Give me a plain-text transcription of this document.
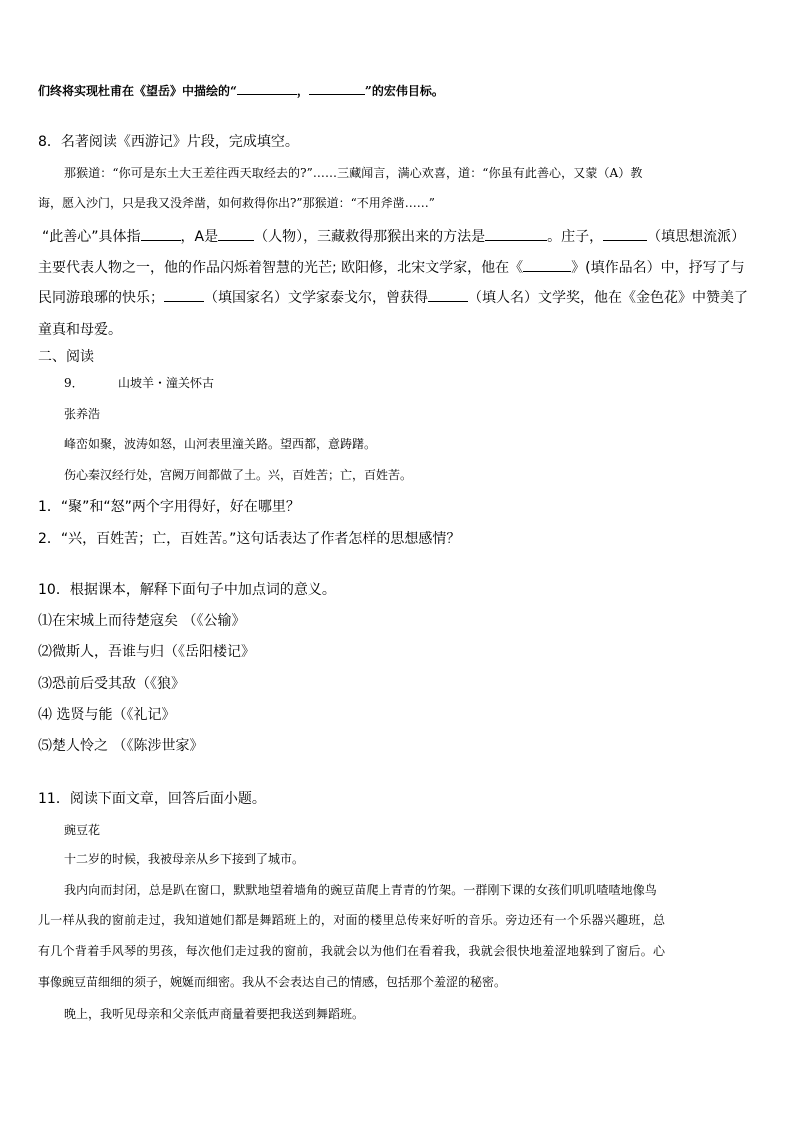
们终将实现杜甫在《望岳》中描绘的“	，	”的宏伟目标。
8．名著阅读《西游记》片段，完成填空。
那猴道：“你可是东土大王差往西天取经去的?”……三藏闻言，满心欢喜，道：“你虽有此善心，又蒙（A）教
诲，愿入沙门，只是我又没斧凿，如何救得你出?”那猴道：“不用斧凿……”
“此善心”具体指	，A是	（人物），三藏救得那猴出来的方法是	。庄子，	（填思想流派）
主要代表人物之一，他的作品闪烁着智慧的光芒; 欧阳修，北宋文学家，他在《	》(填作品名）中，抒写了与
民同游琅琊的快乐；	（填国家名）文学家泰戈尔，曾获得	（填人名）文学奖，他在《金色花》中赞美了
童真和母爱。
二、阅读
9．	山坡羊・潼关怀古
张养浩
峰峦如聚，波涛如怒，山河表里潼关路。望西都，意踌躇。
伤心秦汉经行处，宫阙万间都做了土。兴，百姓苦；亡，百姓苦。
1．“聚”和“怒”两个字用得好，好在哪里？
2．“兴，百姓苦；亡，百姓苦。”这句话表达了作者怎样的思想感情？
10．根据课本，解释下面句子中加点词的意义。
⑴在宋城上而待楚寇矣 （《公输》
⑵微斯人，吾谁与归（《岳阳楼记》
⑶恐前后受其敌（《狼》
⑷ 选贤与能（《礼记》
⑸楚人怜之 （《陈涉世家》
11．阅读下面文章，回答后面小题。
豌豆花
十二岁的时候，我被母亲从乡下接到了城市。
我内向而封闭，总是趴在窗口，默默地望着墙角的豌豆苗爬上青青的竹架。一群刚下课的女孩们叽叽喳喳地像鸟
儿一样从我的窗前走过，我知道她们都是舞蹈班上的，对面的楼里总传来好听的音乐。旁边还有一个乐器兴趣班，总
有几个背着手风琴的男孩，每次他们走过我的窗前，我就会以为他们在看着我，我就会很快地羞涩地躲到了窗后。心
事像豌豆苗细细的须子，婉娫而细密。我从不会表达自己的情感，包括那个羞涩的秘密。
晚上，我听见母亲和父亲低声商量着要把我送到舞蹈班。
